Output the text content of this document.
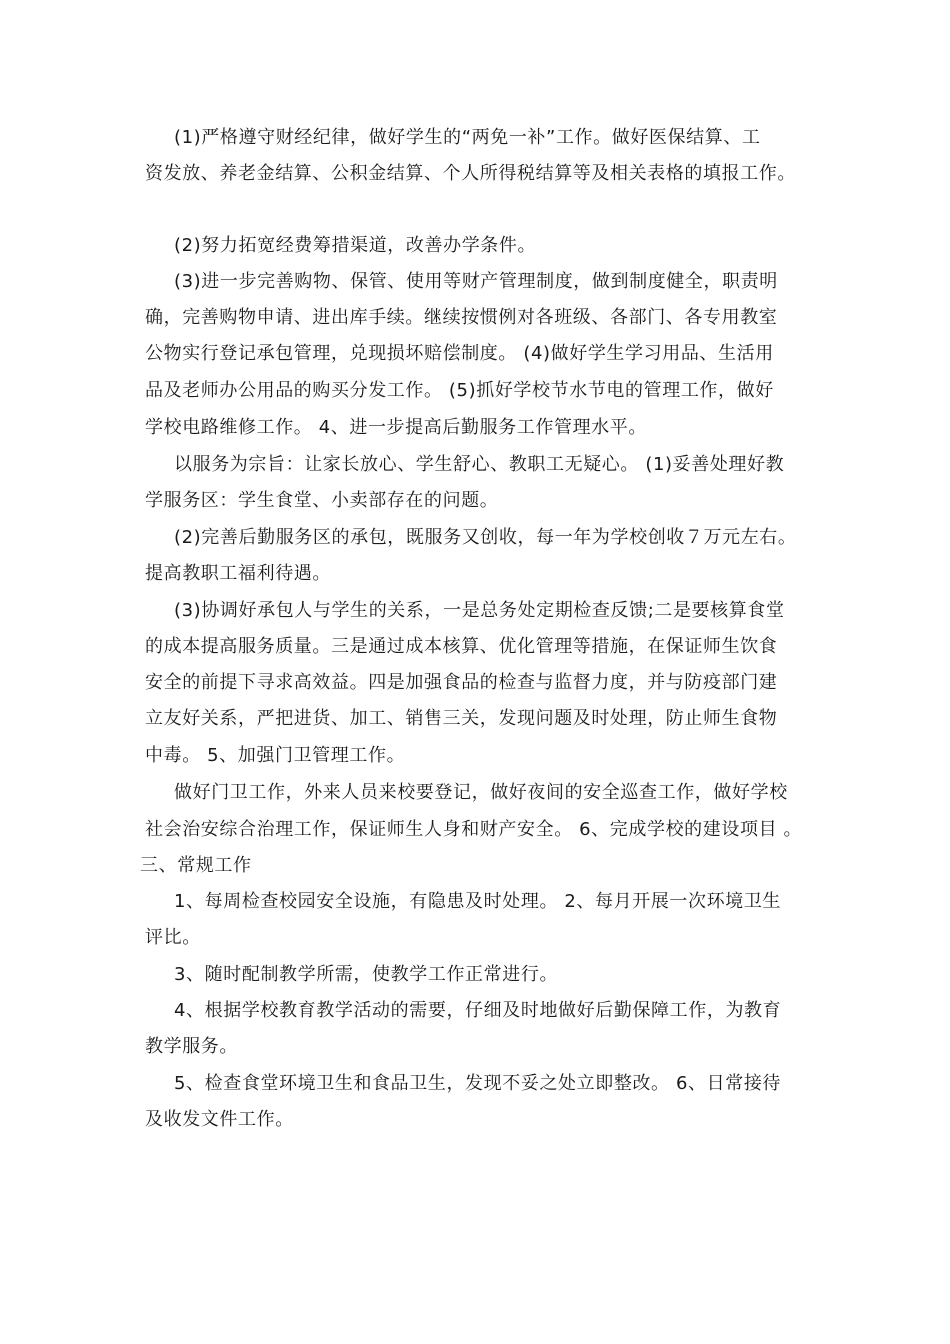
(1)严格遵守财经纪律，做好学生的“两免一补”工作。做好医保结算、工
资发放、养老金结算、公积金结算、个人所得税结算等及相关表格的填报工作。
(2)努力拓宽经费筹措渠道，改善办学条件。
(3)进一步完善购物、保管、使用等财产管理制度，做到制度健全，职责明
确，完善购物申请、进出库手续。继续按惯例对各班级、各部门、各专用教室
公物实行登记承包管理，兑现损坏赔偿制度。 (4)做好学生学习用品、生活用
品及老师办公用品的购买分发工作。 (5)抓好学校节水节电的管理工作，做好
学校电路维修工作。 4、进一步提高后勤服务工作管理水平。
以服务为宗旨：让家长放心、学生舒心、教职工无疑心。 (1)妥善处理好教
学服务区：学生食堂、小卖部存在的问题。
(2)完善后勤服务区的承包，既服务又创收，每一年为学校创收７万元左右。
提高教职工福利待遇。
(3)协调好承包人与学生的关系，一是总务处定期检查反馈;二是要核算食堂
的成本提高服务质量。三是通过成本核算、优化管理等措施，在保证师生饮食
安全的前提下寻求高效益。四是加强食品的检查与监督力度，并与防疫部门建
立友好关系，严把进货、加工、销售三关，发现问题及时处理，防止师生食物
中毒。 5、加强门卫管理工作。
做好门卫工作，外来人员来校要登记，做好夜间的安全巡查工作，做好学校
社会治安综合治理工作，保证师生人身和财产安全。 6、完成学校的建设项目 。
三、常规工作
1、每周检查校园安全设施，有隐患及时处理。 2、每月开展一次环境卫生
评比。
3、随时配制教学所需，使教学工作正常进行。
4、根据学校教育教学活动的需要，仔细及时地做好后勤保障工作，为教育
教学服务。
5、检查食堂环境卫生和食品卫生，发现不妥之处立即整改。 6、日常接待
及收发文件工作。
